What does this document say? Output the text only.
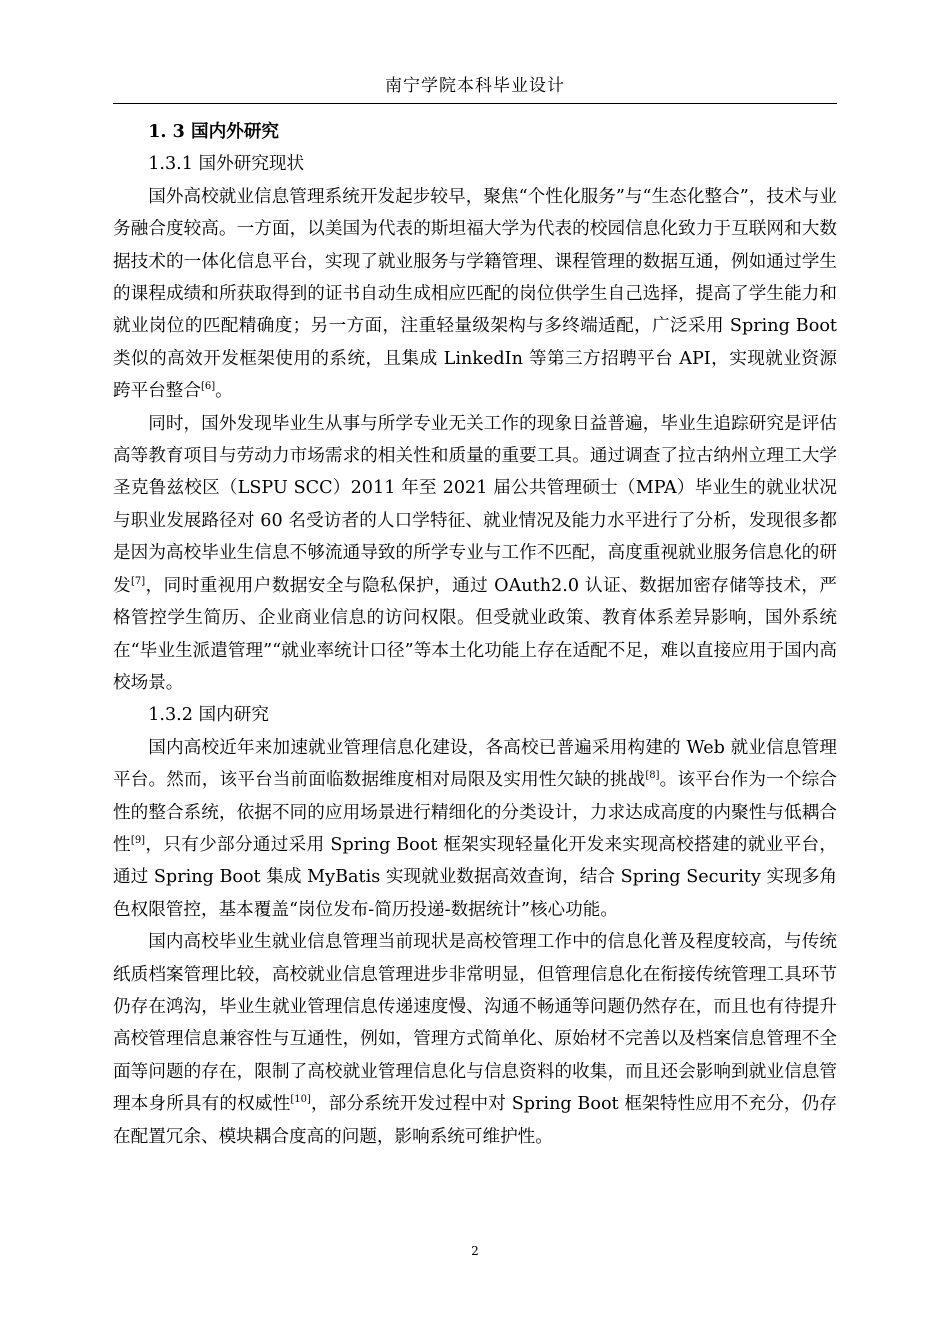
南宁学院本科毕业设计

1. 3 国内外研究

1.3.1 国外研究现状

国外高校就业信息管理系统开发起步较早，聚焦“个性化服务”与“生态化整合”，技术与业务融合度较高。一方面，以美国为代表的斯坦福大学为代表的校园信息化致力于互联网和大数据技术的一体化信息平台，实现了就业服务与学籍管理、课程管理的数据互通，例如通过学生的课程成绩和所获取得到的证书自动生成相应匹配的岗位供学生自己选择，提高了学生能力和就业岗位的匹配精确度；另一方面，注重轻量级架构与多终端适配，广泛采用 Spring Boot 类似的高效开发框架使用的系统，且集成 LinkedIn 等第三方招聘平台 API，实现就业资源跨平台整合[6]。

同时，国外发现毕业生从事与所学专业无关工作的现象日益普遍，毕业生追踪研究是评估高等教育项目与劳动力市场需求的相关性和质量的重要工具。通过调查了拉古纳州立理工大学圣克鲁兹校区（LSPU SCC）2011 年至 2021 届公共管理硕士（MPA）毕业生的就业状况与职业发展路径对 60 名受访者的人口学特征、就业情况及能力水平进行了分析，发现很多都是因为高校毕业生信息不够流通导致的所学专业与工作不匹配，高度重视就业服务信息化的研发[7]，同时重视用户数据安全与隐私保护，通过 OAuth2.0 认证、数据加密存储等技术，严格管控学生简历、企业商业信息的访问权限。但受就业政策、教育体系差异影响，国外系统在“毕业生派遣管理”“就业率统计口径”等本土化功能上存在适配不足，难以直接应用于国内高校场景。

1.3.2 国内研究

国内高校近年来加速就业管理信息化建设，各高校已普遍采用构建的 Web 就业信息管理平台。然而，该平台当前面临数据维度相对局限及实用性欠缺的挑战[8]。该平台作为一个综合性的整合系统，依据不同的应用场景进行精细化的分类设计，力求达成高度的内聚性与低耦合性[9]，只有少部分通过采用 Spring Boot 框架实现轻量化开发来实现高校搭建的就业平台，通过 Spring Boot 集成 MyBatis 实现就业数据高效查询，结合 Spring Security 实现多角色权限管控，基本覆盖“岗位发布-简历投递-数据统计”核心功能。

国内高校毕业生就业信息管理当前现状是高校管理工作中的信息化普及程度较高，与传统纸质档案管理比较，高校就业信息管理进步非常明显，但管理信息化在衔接传统管理工具环节仍存在鸿沟，毕业生就业管理信息传递速度慢、沟通不畅通等问题仍然存在，而且也有待提升高校管理信息兼容性与互通性，例如，管理方式简单化、原始材不完善以及档案信息管理不全面等问题的存在，限制了高校就业管理信息化与信息资料的收集，而且还会影响到就业信息管理本身所具有的权威性[10]，部分系统开发过程中对 Spring Boot 框架特性应用不充分，仍存在配置冗余、模块耦合度高的问题，影响系统可维护性。

2
